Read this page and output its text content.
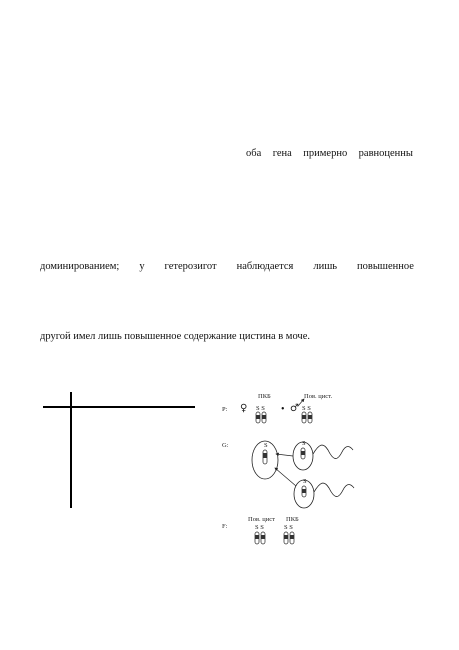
оба гена примерно равноценны
доминированием; у гетерозигот наблюдается лишь повышенное
другой имел лишь повышенное содержание цистина в моче.
P:
G:
F:
♀	♂
•
ПКБ	Пов. цист.
S S	S S
S	S
S
Пов. цист ПКБ
S S	S S
